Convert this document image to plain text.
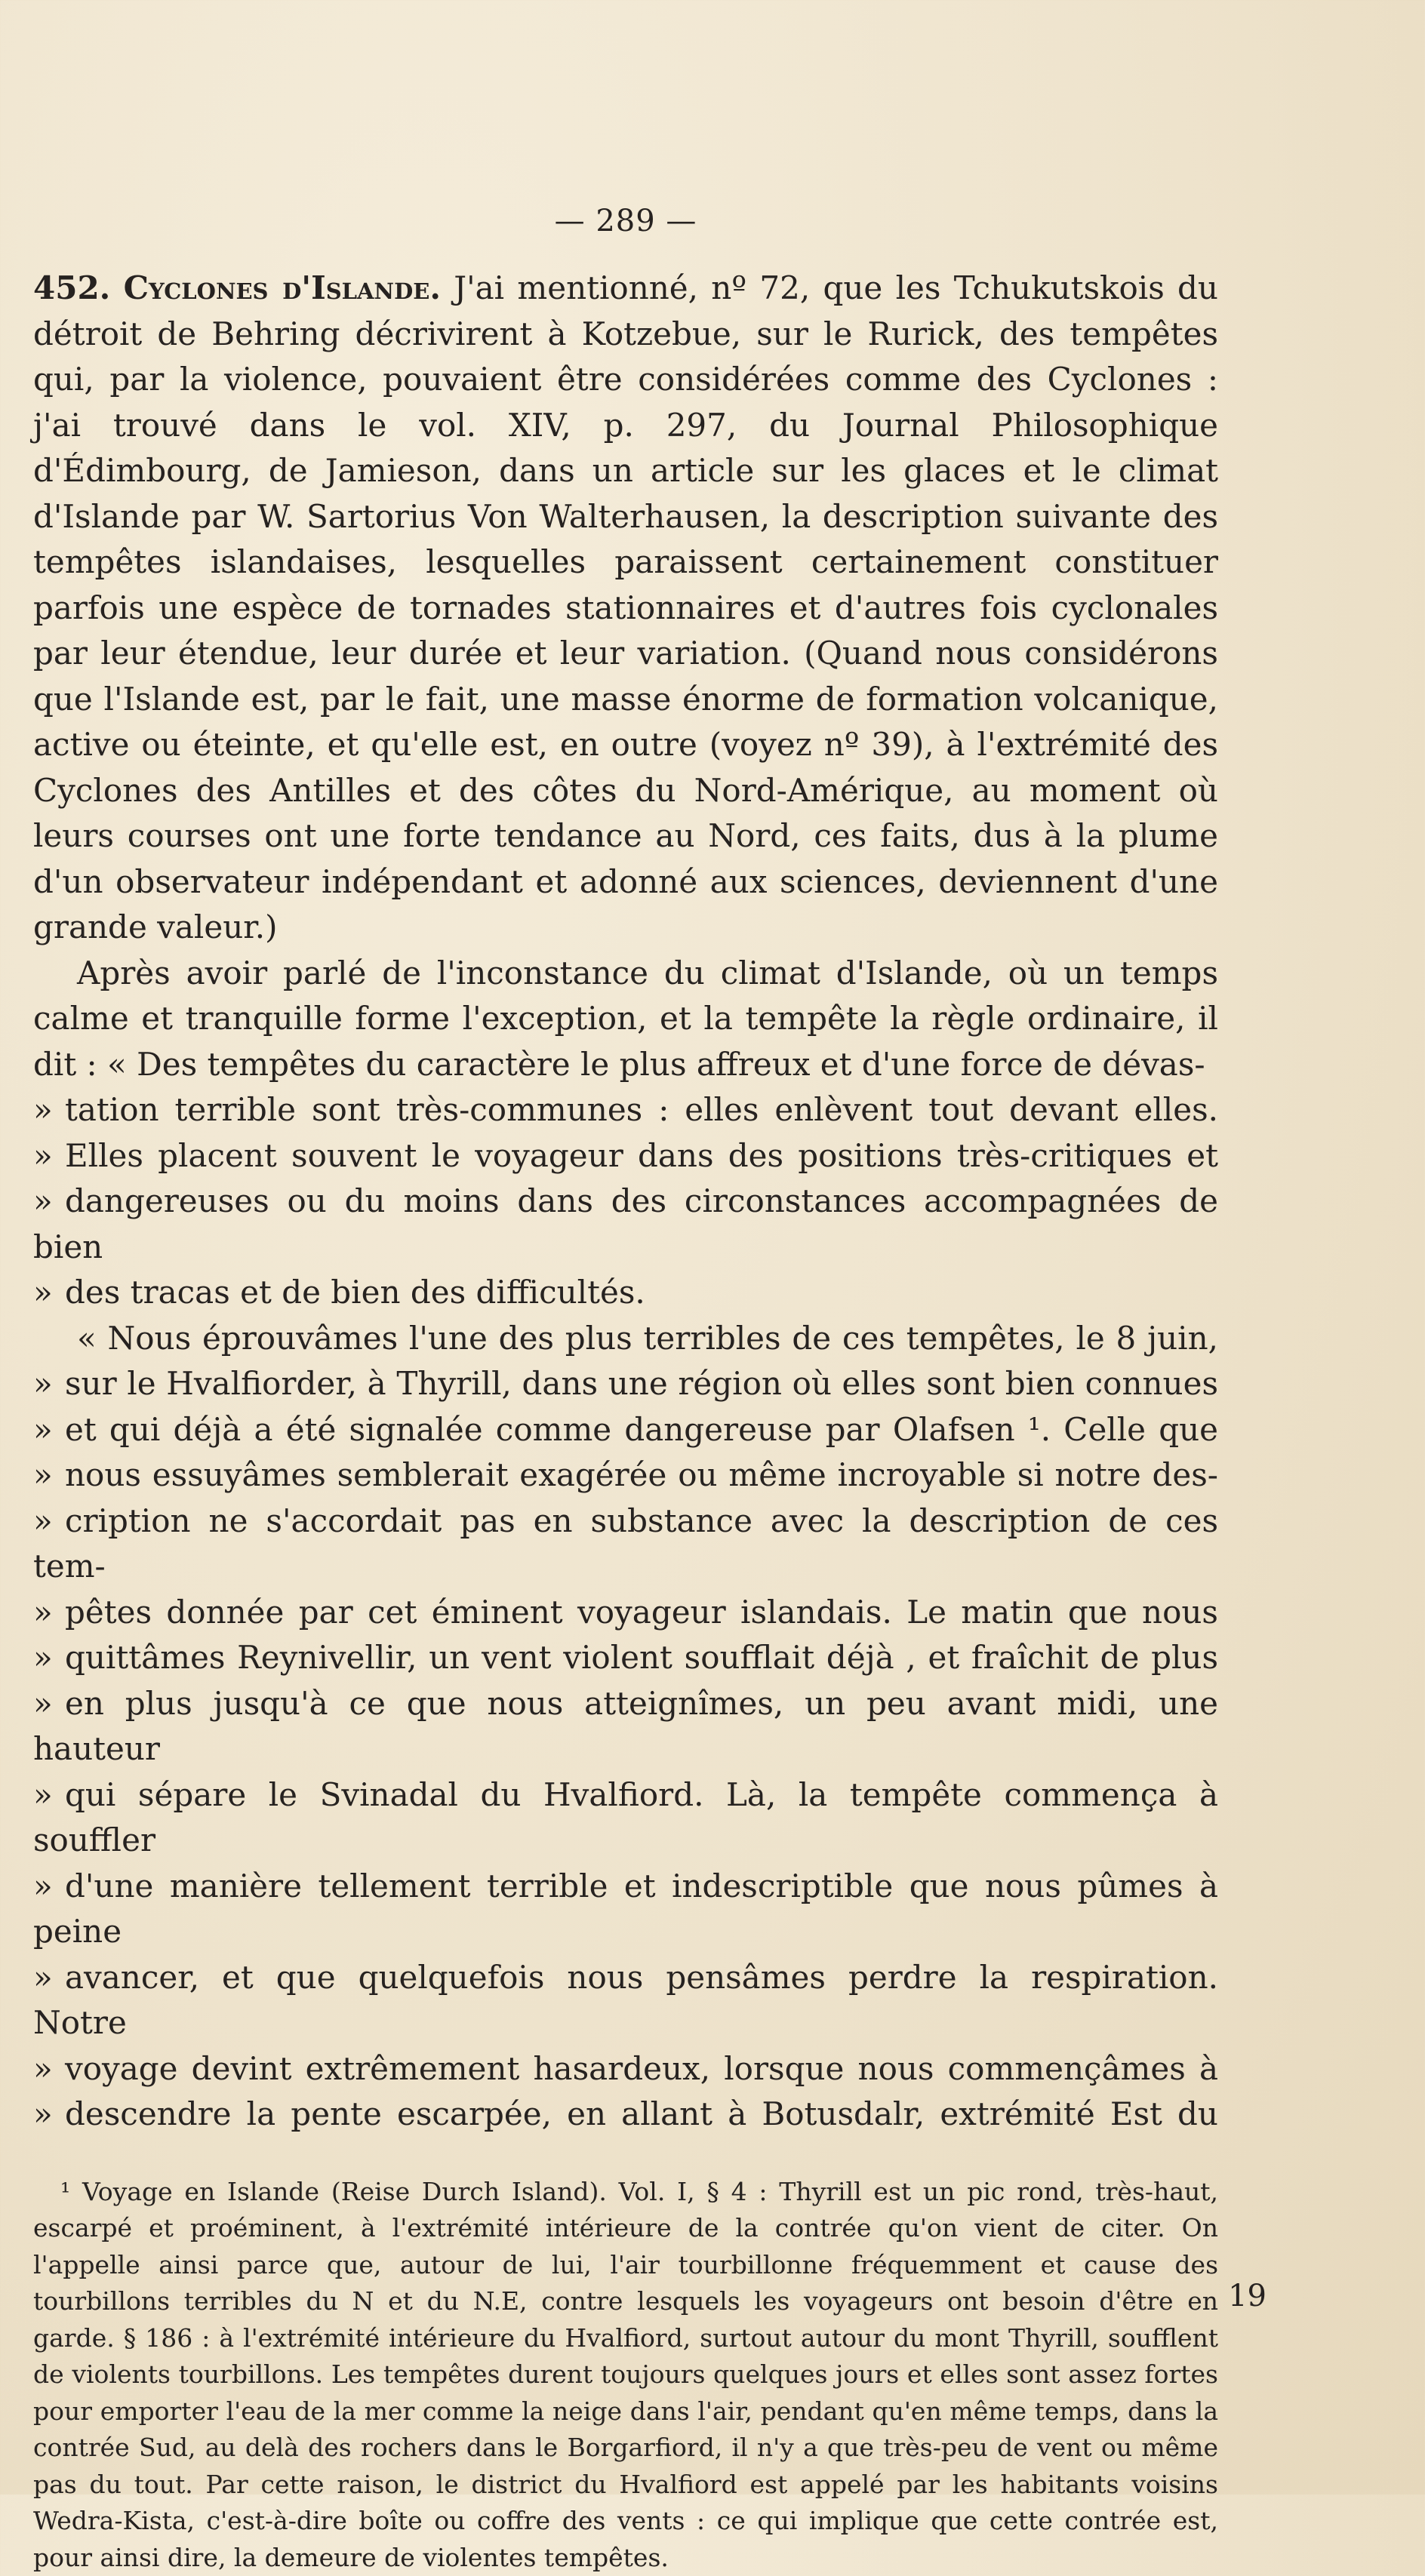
— 289 —

452. Cyclones d'Islande. J'ai mentionné, nº 72, que les Tchukutskois du détroit de Behring décrivirent à Kotzebue, sur le Rurick, des tempêtes qui, par la violence, pouvaient être considérées comme des Cyclones : j'ai trouvé dans le vol. XIV, p. 297, du Journal Philosophique d'Édimbourg, de Jamieson, dans un article sur les glaces et le climat d'Islande par W. Sartorius Von Walterhausen, la description suivante des tempêtes islandaises, lesquelles paraissent certainement constituer parfois une espèce de tornades stationnaires et d'autres fois cyclonales par leur étendue, leur durée et leur variation. (Quand nous considérons que l'Islande est, par le fait, une masse énorme de formation volcanique, active ou éteinte, et qu'elle est, en outre (voyez nº 39), à l'extrémité des Cyclones des Antilles et des côtes du Nord-Amérique, au moment où leurs courses ont une forte tendance au Nord, ces faits, dus à la plume d'un observateur indépendant et adonné aux sciences, deviennent d'une grande valeur.)

Après avoir parlé de l'inconstance du climat d'Islande, où un temps calme et tranquille forme l'exception, et la tempête la règle ordinaire, il dit : « Des tempêtes du caractère le plus affreux et d'une force de dévas-

» tation terrible sont très-communes : elles enlèvent tout devant elles.
» Elles placent souvent le voyageur dans des positions très-critiques et
» dangereuses ou du moins dans des circonstances accompagnées de bien
» des tracas et de bien des difficultés.
« Nous éprouvâmes l'une des plus terribles de ces tempêtes, le 8 juin,
» sur le Hvalfiorder, à Thyrill, dans une région où elles sont bien connues
» et qui déjà a été signalée comme dangereuse par Olafsen ¹. Celle que
» nous essuyâmes semblerait exagérée ou même incroyable si notre des-
» cription ne s'accordait pas en substance avec la description de ces tem-
» pêtes donnée par cet éminent voyageur islandais. Le matin que nous
» quittâmes Reynivellir, un vent violent soufflait déjà , et fraîchit de plus
» en plus jusqu'à ce que nous atteignîmes, un peu avant midi, une hauteur
» qui sépare le Svinadal du Hvalfiord. Là, la tempête commença à souffler
» d'une manière tellement terrible et indescriptible que nous pûmes à peine
» avancer, et que quelquefois nous pensâmes perdre la respiration. Notre
» voyage devint extrêmement hasardeux, lorsque nous commençâmes à
» descendre la pente escarpée, en allant à Botusdalr, extrémité Est du

¹ Voyage en Islande (Reise Durch Island). Vol. I, § 4 : Thyrill est un pic rond, très-haut, escarpé et proéminent, à l'extrémité intérieure de la contrée qu'on vient de citer. On l'appelle ainsi parce que, autour de lui, l'air tourbillonne fréquemment et cause des tourbillons terribles du N et du N.E, contre lesquels les voyageurs ont besoin d'être en garde. § 186 : à l'extrémité intérieure du Hvalfiord, surtout autour du mont Thyrill, soufflent de violents tourbillons. Les tempêtes durent toujours quelques jours et elles sont assez fortes pour emporter l'eau de la mer comme la neige dans l'air, pendant qu'en même temps, dans la contrée Sud, au delà des rochers dans le Borgarfiord, il n'y a que très-peu de vent ou même pas du tout. Par cette raison, le district du Hvalfiord est appelé par les habitants voisins Wedra-Kista, c'est-à-dire boîte ou coffre des vents : ce qui implique que cette contrée est, pour ainsi dire, la demeure de violentes tempêtes.

19
